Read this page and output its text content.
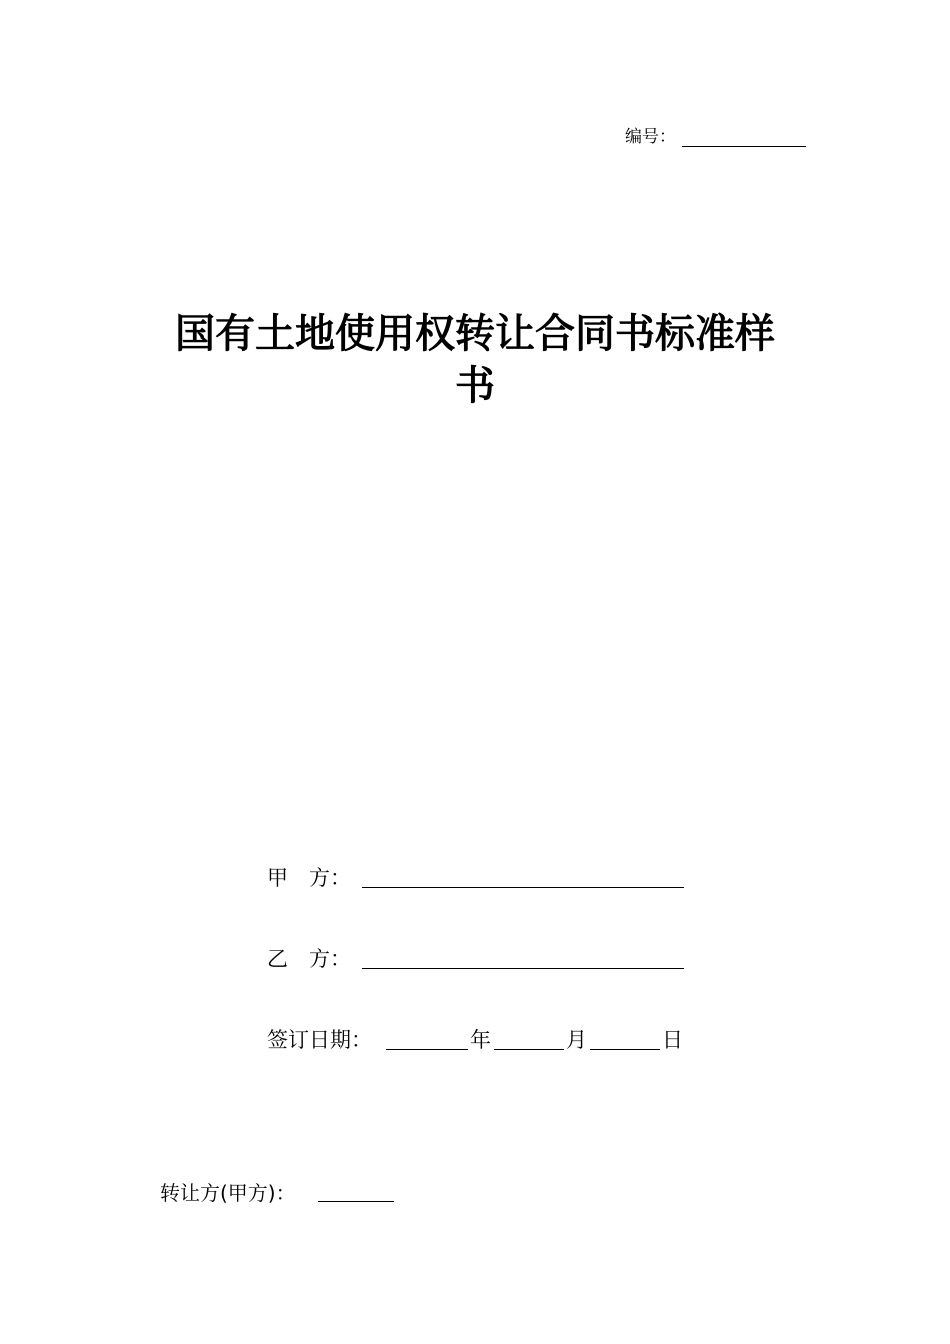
编号：
国有土地使用权转让合同书标准样
书
甲　方：
乙　方：
签订日期：	年	月	日
转让方(甲方)：
